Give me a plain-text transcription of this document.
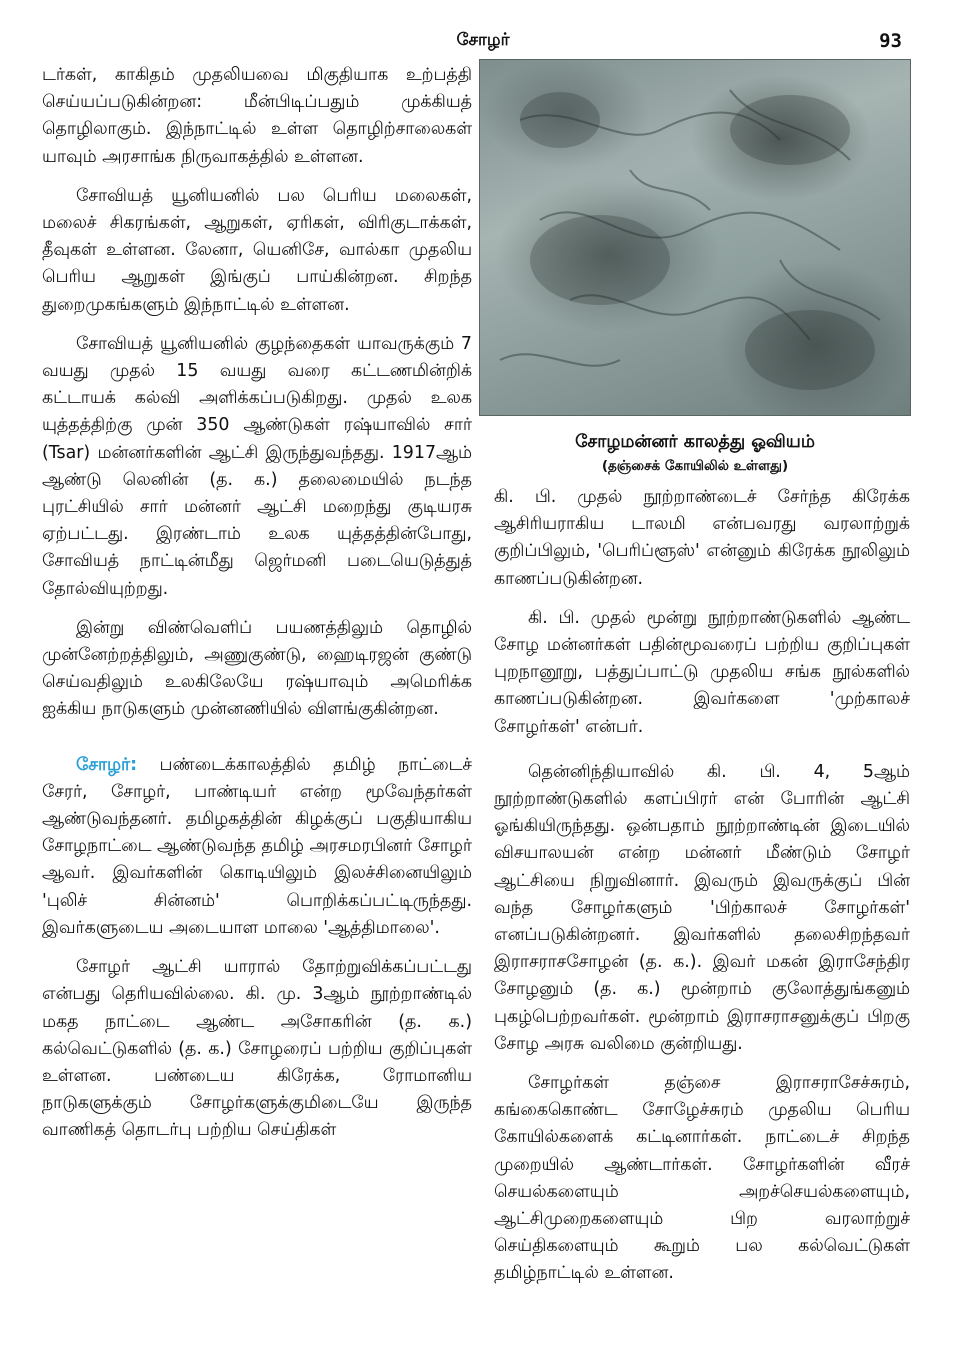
சோழர்	93

டர்கள், காகிதம் முதலியவை மிகுதியாக உற்பத்தி செய்யப்படுகின்றன: மீன்பிடிப்பதும் முக்கியத் தொழிலாகும். இந்நாட்டில் உள்ள தொழிற்சாலைகள் யாவும் அரசாங்க நிருவாகத்தில் உள்ளன.

சோவியத் யூனியனில் பல பெரிய மலைகள், மலைச் சிகரங்கள், ஆறுகள், ஏரிகள், விரிகுடாக்கள், தீவுகள் உள்ளன. லேனா, யெனிசே, வால்கா முதலிய பெரிய ஆறுகள் இங்குப் பாய்கின்றன. சிறந்த துறைமுகங்களும் இந்நாட்டில் உள்ளன.

சோவியத் யூனியனில் குழந்தைகள் யாவருக்கும் 7 வயது முதல் 15 வயது வரை கட்டணமின்றிக் கட்டாயக் கல்வி அளிக்கப்படுகிறது. முதல் உலக யுத்தத்திற்கு முன் 350 ஆண்டுகள் ரஷ்யாவில் சார் (Tsar) மன்னர்களின் ஆட்சி இருந்துவந்தது. 1917ஆம் ஆண்டு லெனின் (த. க.) தலைமையில் நடந்த புரட்சியில் சார் மன்னர் ஆட்சி மறைந்து குடியரசு ஏற்பட்டது. இரண்டாம் உலக யுத்தத்தின்போது, சோவியத் நாட்டின்மீது ஜெர்மனி படையெடுத்துத் தோல்வியுற்றது.

இன்று விண்வெளிப் பயணத்திலும் தொழில் முன்னேற்றத்திலும், அணுகுண்டு, ஹைடிரஜன் குண்டு செய்வதிலும் உலகிலேயே ரஷ்யாவும் அமெரிக்க ஐக்கிய நாடுகளும் முன்னணியில் விளங்குகின்றன.

சோழர்: பண்டைக்காலத்தில் தமிழ் நாட்டைச் சேரர், சோழர், பாண்டியர் என்ற மூவேந்தர்கள் ஆண்டுவந்தனர். தமிழகத்தின் கிழக்குப் பகுதியாகிய சோழநாட்டை ஆண்டுவந்த தமிழ் அரசமரபினர் சோழர் ஆவர். இவர்களின் கொடியிலும் இலச்சினையிலும் 'புலிச் சின்னம்' பொறிக்கப்பட்டிருந்தது. இவர்களுடைய அடையாள மாலை 'ஆத்திமாலை'.

சோழர் ஆட்சி யாரால் தோற்றுவிக்கப்பட்டது என்பது தெரியவில்லை. கி. மு. 3ஆம் நூற்றாண்டில் மகத நாட்டை ஆண்ட அசோகரின் (த. க.) கல்வெட்டுகளில் (த. க.) சோழரைப் பற்றிய குறிப்புகள் உள்ளன. பண்டைய கிரேக்க, ரோமானிய நாடுகளுக்கும் சோழர்களுக்குமிடையே இருந்த வாணிகத் தொடர்பு பற்றிய செய்திகள்

சோழமன்னர் காலத்து ஓவியம்
(தஞ்சைக் கோயிலில் உள்ளது)

கி. பி. முதல் நூற்றாண்டைச் சேர்ந்த கிரேக்க ஆசிரியராகிய டாலமி என்பவரது வரலாற்றுக் குறிப்பிலும், 'பெரிப்ளூஸ்' என்னும் கிரேக்க நூலிலும் காணப்படுகின்றன.

கி. பி. முதல் மூன்று நூற்றாண்டுகளில் ஆண்ட சோழ மன்னர்கள் பதின்மூவரைப் பற்றிய குறிப்புகள் புறநானூறு, பத்துப்பாட்டு முதலிய சங்க நூல்களில் காணப்படுகின்றன. இவர்களை 'முற்காலச் சோழர்கள்' என்பர்.

தென்னிந்தியாவில் கி. பி. 4, 5ஆம் நூற்றாண்டுகளில் களப்பிரர் என் போரின் ஆட்சி ஓங்கியிருந்தது. ஒன்பதாம் நூற்றாண்டின் இடையில் விசயாலயன் என்ற மன்னர் மீண்டும் சோழர் ஆட்சியை நிறுவினார். இவரும் இவருக்குப் பின் வந்த சோழர்களும் 'பிற்காலச் சோழர்கள்' எனப்படுகின்றனர். இவர்களில் தலைசிறந்தவர் இராசராசசோழன் (த. க.). இவர் மகன் இராசேந்திர சோழனும் (த. க.) மூன்றாம் குலோத்துங்கனும் புகழ்பெற்றவர்கள். மூன்றாம் இராசராசனுக்குப் பிறகு சோழ அரசு வலிமை குன்றியது.

சோழர்கள் தஞ்சை இராசராசேச்சுரம், கங்கைகொண்ட சோழேச்சுரம் முதலிய பெரிய கோயில்களைக் கட்டினார்கள். நாட்டைச் சிறந்த முறையில் ஆண்டார்கள். சோழர்களின் வீரச் செயல்களையும் அறச்செயல்களையும், ஆட்சிமுறைகளையும் பிற வரலாற்றுச் செய்திகளையும் கூறும் பல கல்வெட்டுகள் தமிழ்நாட்டில் உள்ளன.
